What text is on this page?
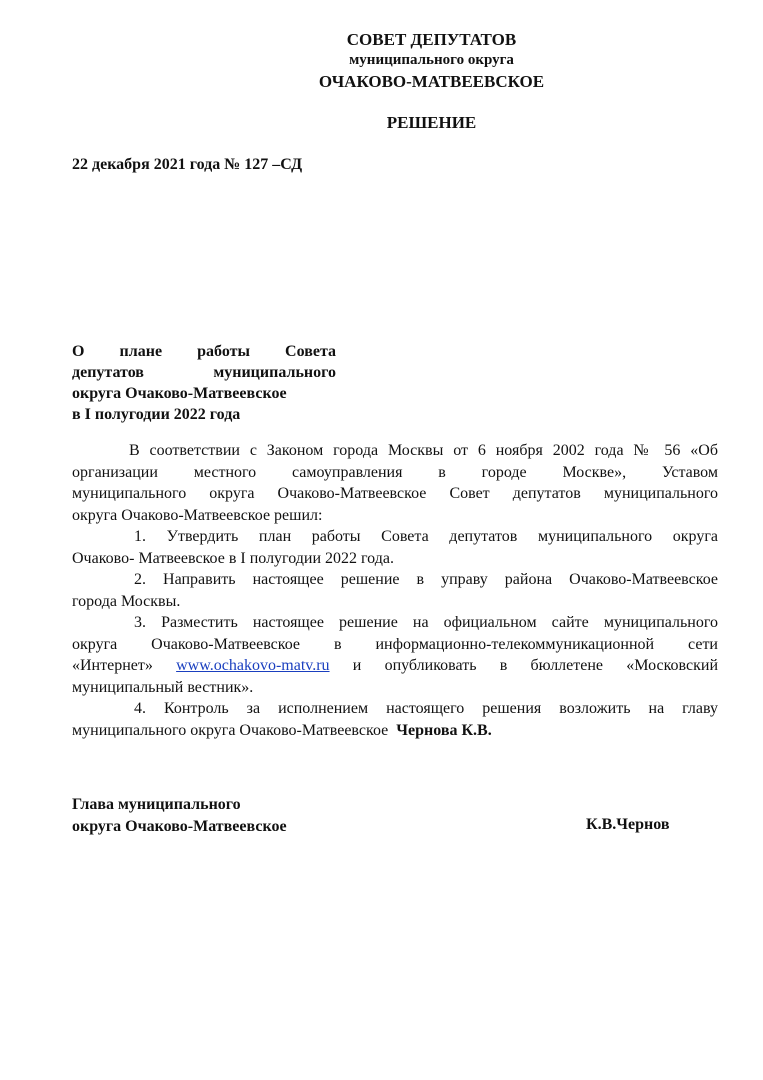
СОВЕТ ДЕПУТАТОВ
муниципального округа
ОЧАКОВО-МАТВЕЕВСКОЕ
РЕШЕНИЕ
22 декабря 2021 года № 127 –СД
О плане работы Совета
депутатов муниципального
округа Очаково-Матвеевское
в I полугодии 2022 года
В соответствии с Законом города Москвы от 6 ноября 2002 года № 56 «Об
организации местного самоуправления в городе Москве», Уставом
муниципального округа Очаково-Матвеевское Совет депутатов муниципального
округа Очаково-Матвеевское решил:
1. Утвердить план работы Совета депутатов муниципального округа
Очаково- Матвеевское в I полугодии 2022 года.
2. Направить настоящее решение в управу района Очаково-Матвеевское
города Москвы.
3. Разместить настоящее решение на официальном сайте муниципального
округа Очаково-Матвеевское в информационно-телекоммуникационной сети
«Интернет» www.ochakovo-matv.ru и опубликовать в бюллетене «Московский
муниципальный вестник».
4. Контроль за исполнением настоящего решения возложить на главу
муниципального округа Очаково-Матвеевское Чернова К.В.
Глава муниципального
округа Очаково-Матвеевское	К.В.Чернов
